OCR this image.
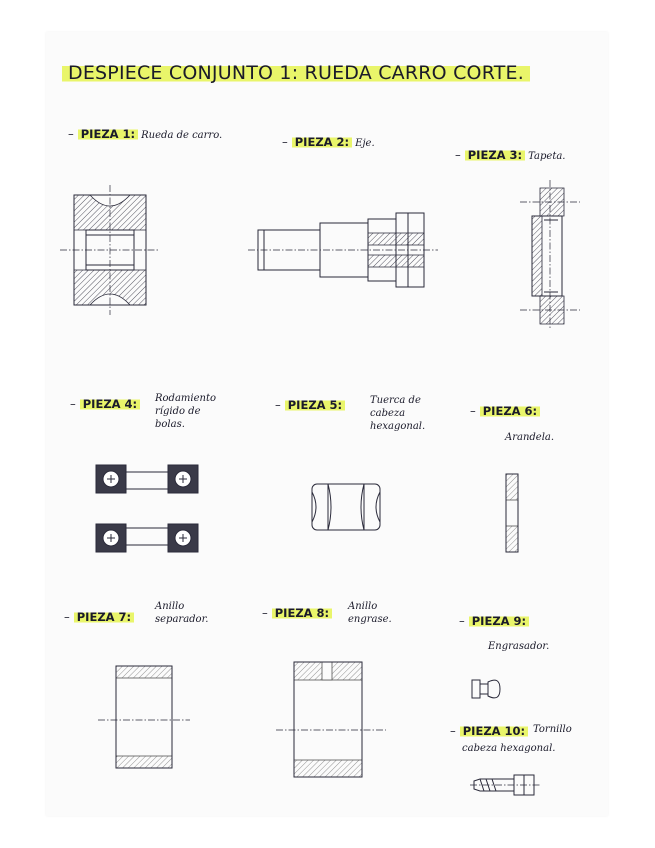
DESPIECE CONJUNTO 1: RUEDA CARRO CORTE.
– PIEZA 1: Rueda de carro.	– PIEZA 2: Eje.
– PIEZA 3: Tapeta.
– PIEZA 4:	Rodamiento
rígido de
bolas.
– PIEZA 5:	Tuerca de
cabeza
hexagonal.
– PIEZA 6:
Arandela.
– PIEZA 7:
Anillo
separador.	– PIEZA 8:	Anillo
engrase.	– PIEZA 9:
Engrasador.
– PIEZA 10: Tornillo
cabeza hexagonal.
